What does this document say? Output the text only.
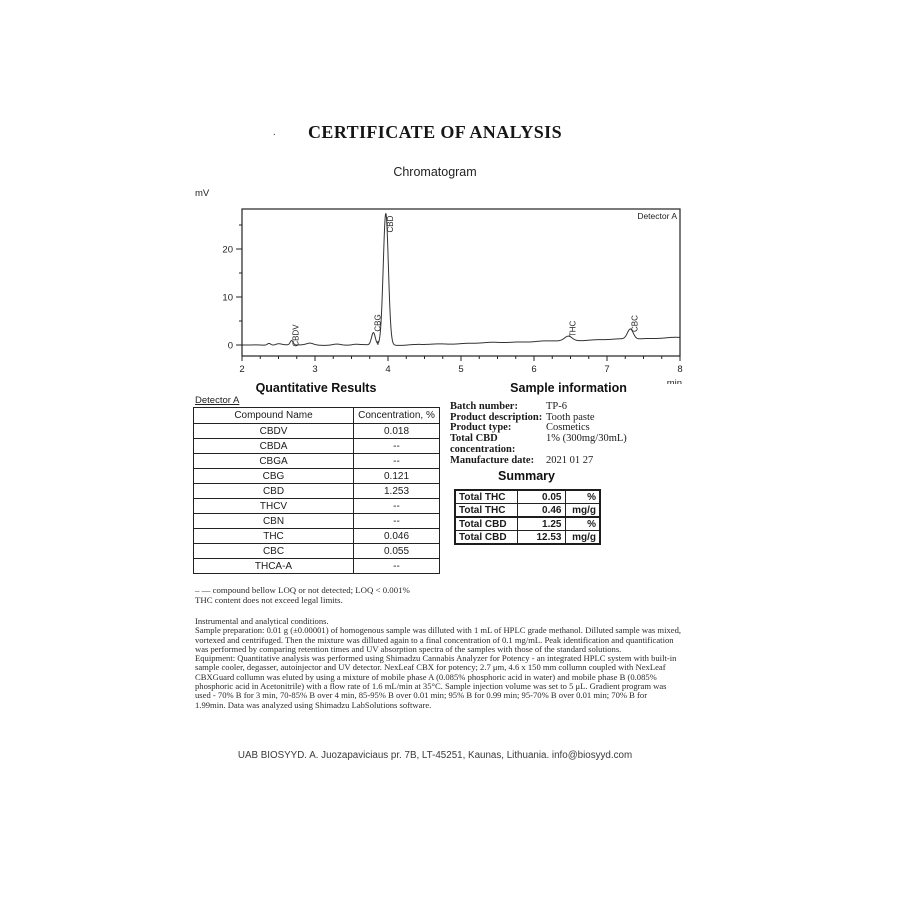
CERTIFICATE OF ANALYSIS
.
Chromatogram
mV
0
10
20
2	3	4	5	6	7	8
min
Detector A
CBDV
CBG
CBD
THC	CBC
Quantitative Results
Detector A
Compound Name	Concentration, %
CBDV	0.018
CBDA	--
CBGA	--
CBG	0.121
CBD	1.253
THCV	--
CBN	--
THC	0.046
CBC	0.055
THCA-A	--
Sample information
Batch number:	TP-6
Product description: Tooth paste
Product type:	Cosmetics
Total CBD concentration:
1% (300mg/30mL)
Manufacture date:	2021 01 27
Summary
Total THC	0.05	%
Total THC	0.46	mg/g
Total CBD	1.25	%
Total CBD	12.53	mg/g
– — compound bellow LOQ or not detected; LOQ < 0.001%
THC content does not exceed legal limits.
Instrumental and analytical conditions.
Sample preparation: 0.01 g (±0.00001) of homogenous sample was dilluted with 1 mL of HPLC grade methanol. Dilluted sample was mixed,
vortexed and centrifuged. Then the mixture was dilluted again to a final concentration of 0.1 mg/mL. Peak identification and quantification
was performed by comparing retention times and UV absorption spectra of the samples with those of the standard solutions.
Equipment: Quantitative analysis was performed using Shimadzu Cannabis Analyzer for Potency - an integrated HPLC system with built-in
sample cooler, degasser, autoinjector and UV detector. NexLeaf CBX for potency; 2.7 μm, 4.6 x 150 mm collumn coupled with NexLeaf
CBXGuard collumn was eluted by using a mixture of mobile phase A (0.085% phosphoric acid in water) and mobile phase B (0.085%
phosphoric acid in Acetonitrile) with a flow rate of 1.6 mL/min at 35°C. Sample injection volume was set to 5 μL. Gradient program was
used - 70% B for 3 min, 70-85% B over 4 min, 85-95% B over 0.01 min; 95% B for 0.99 min; 95-70% B over 0.01 min; 70% B for
1.99min. Data was analyzed using Shimadzu LabSolutions software.
UAB BIOSYYD. A. Juozapaviciaus pr. 7B, LT-45251, Kaunas, Lithuania. info@biosyyd.com
